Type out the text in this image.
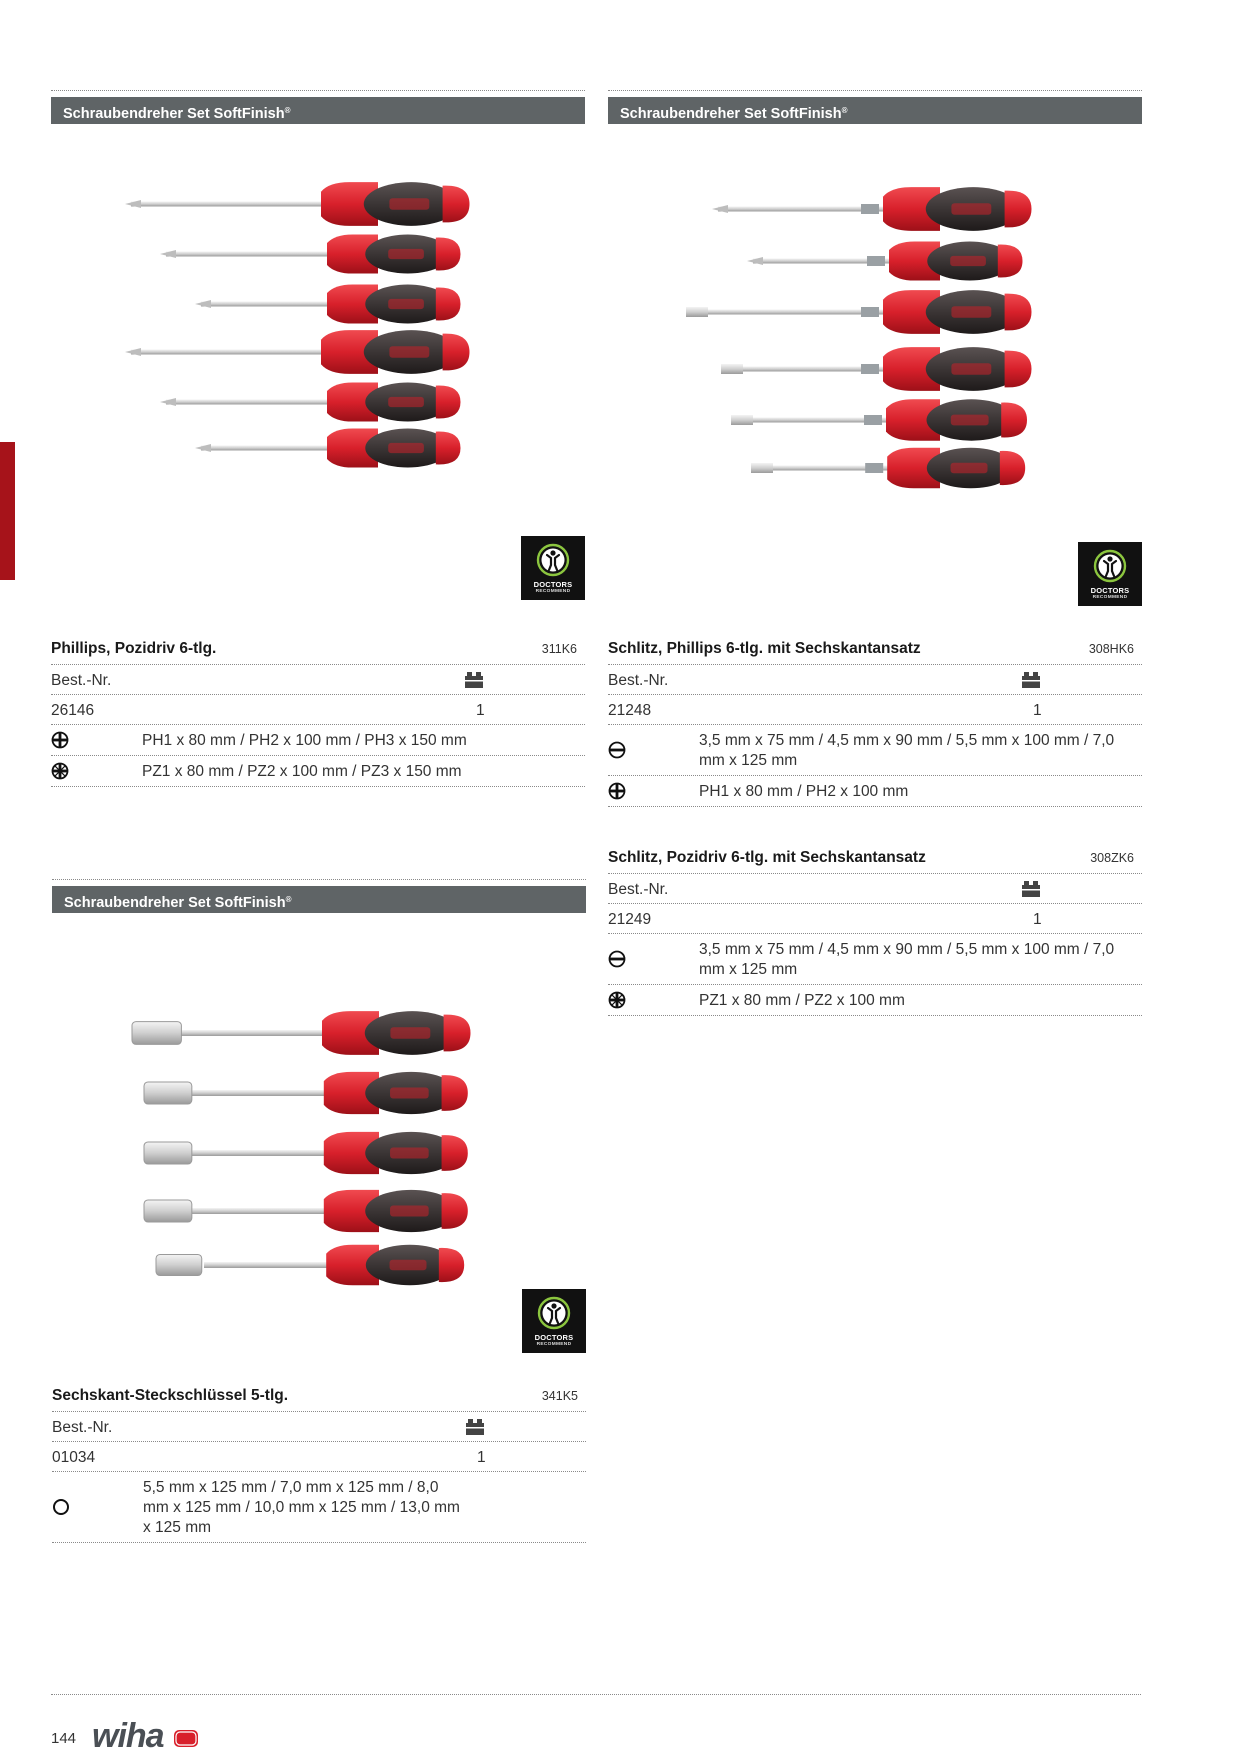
Schraubendreher Set SoftFinish®
DOCTORS
RECOMMEND
Schraubendreher Set SoftFinish®
DOCTORS
RECOMMEND
Schraubendreher Set SoftFinish®
DOCTORS
RECOMMEND
Phillips, Pozidriv 6-tlg.	311K6
Best.-Nr.
26146	1
PH1 x 80 mm / PH2 x 100 mm / PH3 x 150 mm
PZ1 x 80 mm / PZ2 x 100 mm / PZ3 x 150 mm
Schlitz, Phillips 6-tlg. mit Sechskantansatz	308HK6
Best.-Nr.
21248	1
3,5 mm x 75 mm / 4,5 mm x 90 mm / 5,5 mm x 100 mm / 7,0 mm x 125 mm
PH1 x 80 mm / PH2 x 100 mm
Schlitz, Pozidriv 6-tlg. mit Sechskantansatz	308ZK6
Best.-Nr.
21249	1
3,5 mm x 75 mm / 4,5 mm x 90 mm / 5,5 mm x 100 mm / 7,0 mm x 125 mm
PZ1 x 80 mm / PZ2 x 100 mm
Sechskant-Steckschlüssel 5-tlg.	341K5
Best.-Nr.
01034	1
5,5 mm x 125 mm / 7,0 mm x 125 mm / 8,0 mm x 125 mm / 10,0 mm x 125 mm / 13,0 mm x 125 mm
144 wiha
